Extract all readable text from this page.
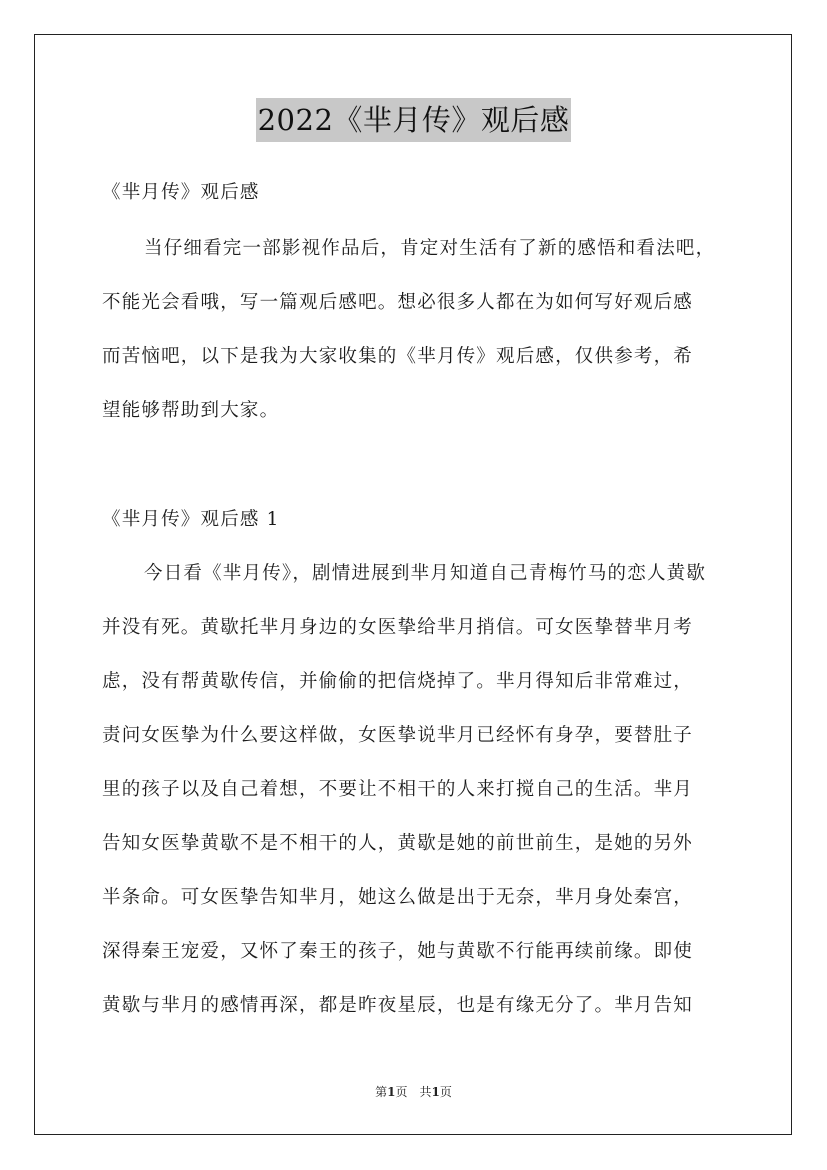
2022《芈月传》观后感
《芈月传》观后感
当仔细看完一部影视作品后，肯定对生活有了新的感悟和看法吧，
不能光会看哦，写一篇观后感吧。想必很多人都在为如何写好观后感
而苦恼吧，以下是我为大家收集的《芈月传》观后感，仅供参考，希
望能够帮助到大家。
《芈月传》观后感 1
今日看《芈月传》，剧情进展到芈月知道自己青梅竹马的恋人黄歇
并没有死。黄歇托芈月身边的女医挚给芈月捎信。可女医挚替芈月考
虑，没有帮黄歇传信，并偷偷的把信烧掉了。芈月得知后非常难过，
责问女医挚为什么要这样做，女医挚说芈月已经怀有身孕，要替肚子
里的孩子以及自己着想，不要让不相干的人来打搅自己的生活。芈月
告知女医挚黄歇不是不相干的人，黄歇是她的前世前生，是她的另外
半条命。可女医挚告知芈月，她这么做是出于无奈，芈月身处秦宫，
深得秦王宠爱，又怀了秦王的孩子，她与黄歇不行能再续前缘。即使
黄歇与芈月的感情再深，都是昨夜星辰，也是有缘无分了。芈月告知
第1页　共1页
